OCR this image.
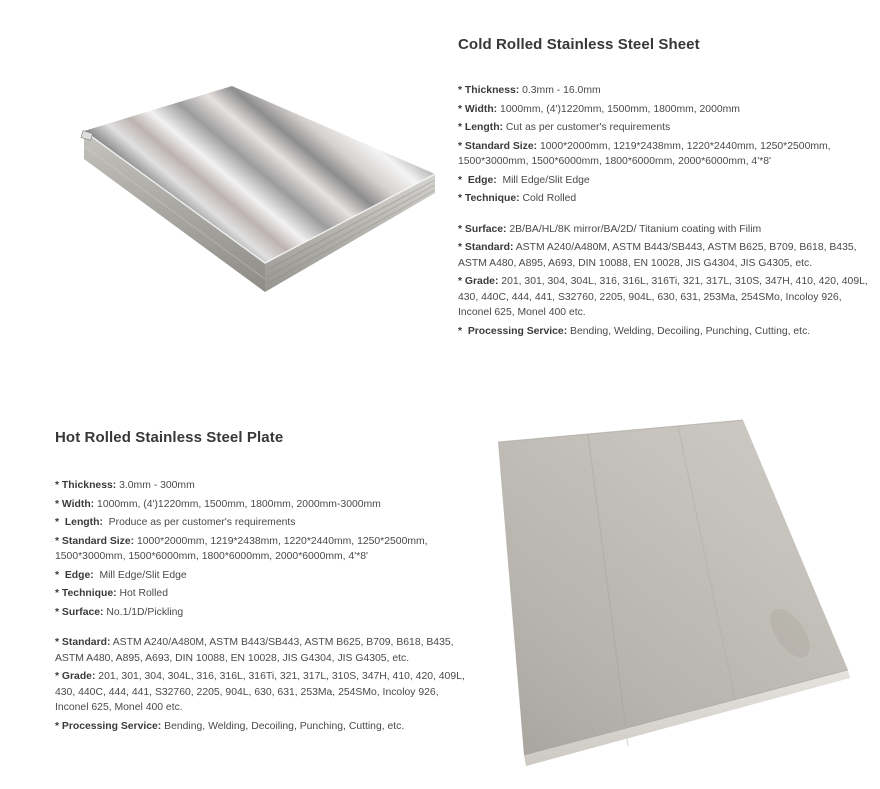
Cold Rolled Stainless Steel Sheet

* Thickness: 0.3mm - 16.0mm

* Width: 1000mm, (4')1220mm, 1500mm, 1800mm, 2000mm

* Length: Cut as per customer's requirements

* Standard Size: 1000*2000mm, 1219*2438mm, 1220*2440mm, 1250*2500mm, 1500*3000mm, 1500*6000mm, 1800*6000mm, 2000*6000mm, 4'*8'

*  Edge:  Mill Edge/Slit Edge

* Technique: Cold Rolled

* Surface: 2B/BA/HL/8K mirror/BA/2D/ Titanium coating with Filim

* Standard: ASTM A240/A480M, ASTM B443/SB443, ASTM B625, B709, B618, B435, ASTM A480, A895, A693, DIN 10088, EN 10028, JIS G4304, JIS G4305, etc.

* Grade: 201, 301, 304, 304L, 316, 316L, 316Ti, 321, 317L, 310S, 347H, 410, 420, 409L, 430, 440C, 444, 441, S32760, 2205, 904L, 630, 631, 253Ma, 254SMo, Incoloy 926, Inconel 625, Monel 400 etc.

*  Processing Service: Bending, Welding, Decoiling, Punching, Cutting, etc.

Hot Rolled Stainless Steel Plate

* Thickness: 3.0mm - 300mm

* Width: 1000mm, (4')1220mm, 1500mm, 1800mm, 2000mm-3000mm

*  Length:  Produce as per customer's requirements

* Standard Size: 1000*2000mm, 1219*2438mm, 1220*2440mm, 1250*2500mm, 1500*3000mm, 1500*6000mm, 1800*6000mm, 2000*6000mm, 4'*8'

*  Edge:  Mill Edge/Slit Edge

* Technique: Hot Rolled

* Surface: No.1/1D/Pickling

* Standard: ASTM A240/A480M, ASTM B443/SB443, ASTM B625, B709, B618, B435, ASTM A480, A895, A693, DIN 10088, EN 10028, JIS G4304, JIS G4305, etc.

* Grade: 201, 301, 304, 304L, 316, 316L, 316Ti, 321, 317L, 310S, 347H, 410, 420, 409L, 430, 440C, 444, 441, S32760, 2205, 904L, 630, 631, 253Ma, 254SMo, Incoloy 926, Inconel 625, Monel 400 etc.

* Processing Service: Bending, Welding, Decoiling, Punching, Cutting, etc.
